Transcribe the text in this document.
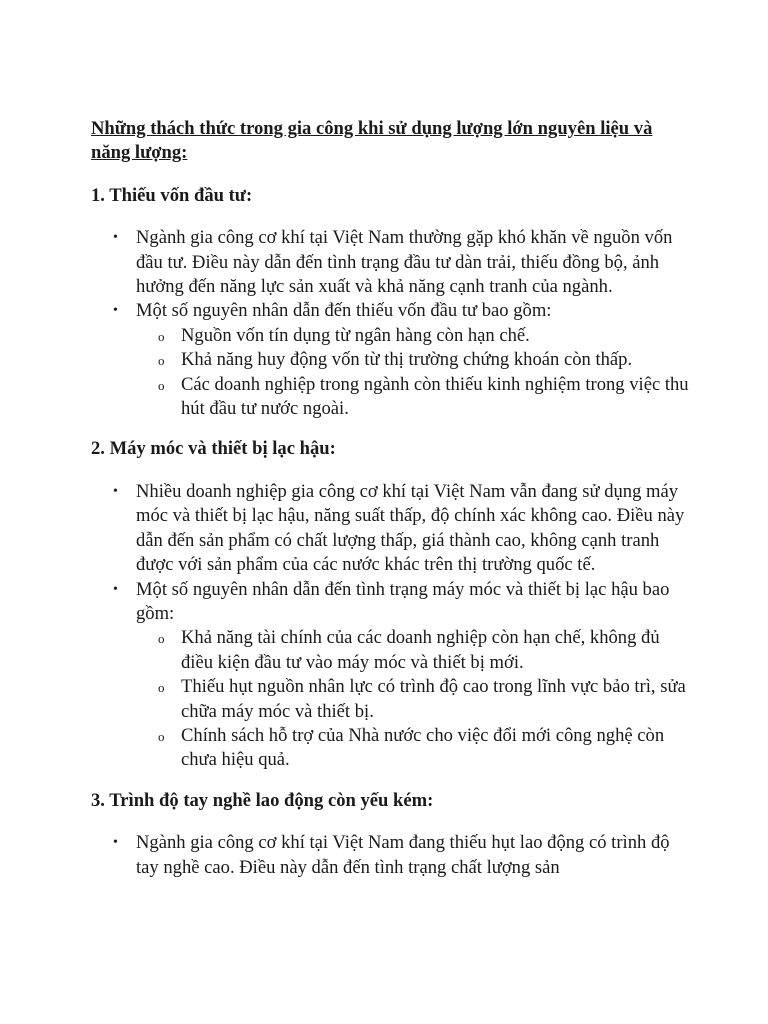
Những thách thức trong gia công khi sử dụng lượng lớn nguyên liệu và năng lượng:
1. Thiếu vốn đầu tư:
• Ngành gia công cơ khí tại Việt Nam thường gặp khó khăn về nguồn vốn đầu tư. Điều này dẫn đến tình trạng đầu tư dàn trải, thiếu đồng bộ, ảnh hưởng đến năng lực sản xuất và khả năng cạnh tranh của ngành.
• Một số nguyên nhân dẫn đến thiếu vốn đầu tư bao gồm:
o Nguồn vốn tín dụng từ ngân hàng còn hạn chế.
o Khả năng huy động vốn từ thị trường chứng khoán còn thấp.
o Các doanh nghiệp trong ngành còn thiếu kinh nghiệm trong việc thu hút đầu tư nước ngoài.
2. Máy móc và thiết bị lạc hậu:
• Nhiều doanh nghiệp gia công cơ khí tại Việt Nam vẫn đang sử dụng máy móc và thiết bị lạc hậu, năng suất thấp, độ chính xác không cao. Điều này dẫn đến sản phẩm có chất lượng thấp, giá thành cao, không cạnh tranh được với sản phẩm của các nước khác trên thị trường quốc tế.
• Một số nguyên nhân dẫn đến tình trạng máy móc và thiết bị lạc hậu bao gồm:
o Khả năng tài chính của các doanh nghiệp còn hạn chế, không đủ điều kiện đầu tư vào máy móc và thiết bị mới.
o Thiếu hụt nguồn nhân lực có trình độ cao trong lĩnh vực bảo trì, sửa chữa máy móc và thiết bị.
o Chính sách hỗ trợ của Nhà nước cho việc đổi mới công nghệ còn chưa hiệu quả.
3. Trình độ tay nghề lao động còn yếu kém:
• Ngành gia công cơ khí tại Việt Nam đang thiếu hụt lao động có trình độ tay nghề cao. Điều này dẫn đến tình trạng chất lượng sản
